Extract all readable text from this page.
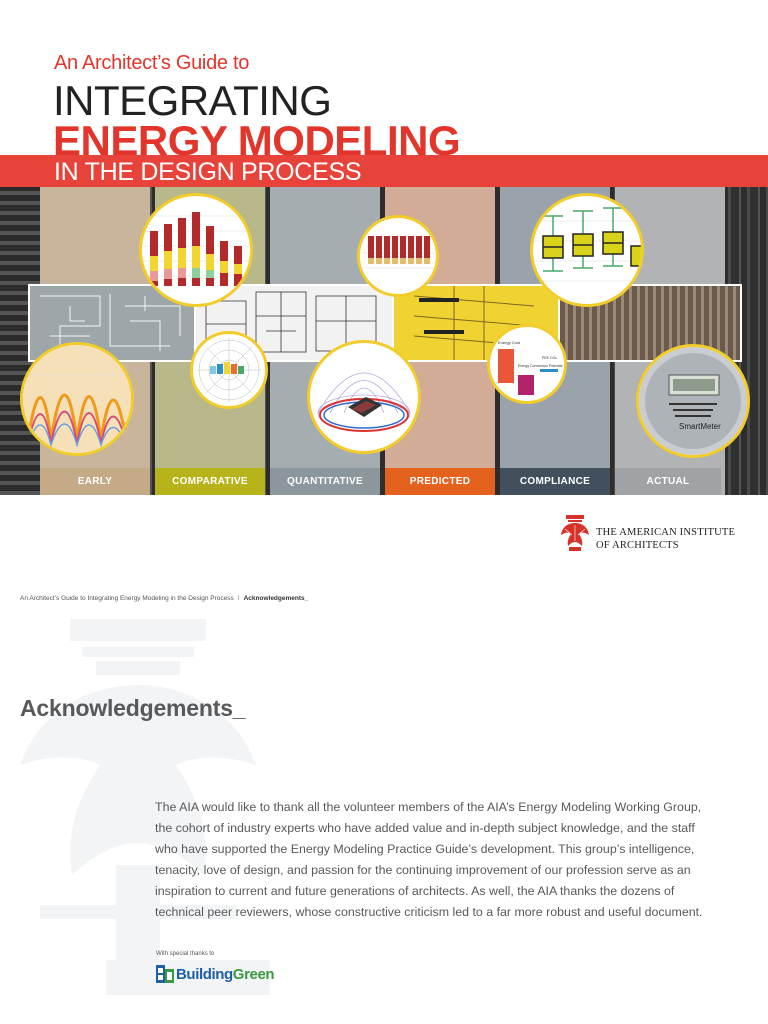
An Architect’s Guide to
INTEGRATING
ENERGY MODELING
IN THE DESIGN PROCESS
Energy Cost
Energy Conversion Potential
PEE COc
SmartMeter
EARLY	COMPARATIVE	QUANTITATIVE	PREDICTED	COMPLIANCE	ACTUAL
THE AMERICAN INSTITUTE
OF ARCHITECTS
An Architect’s Guide to Integrating Energy Modeling in the Design Process I Acknowledgements_
Acknowledgements_
The AIA would like to thank all the volunteer members of the AIA’s Energy Modeling Working Group, the cohort of industry experts who have added value and in-depth subject knowledge, and the staff who have supported the Energy Modeling Practice Guide’s development. This group’s intelligence, tenacity, love of design, and passion for the continuing improvement of our profession serve as an inspiration to current and future generations of architects. As well, the AIA thanks the dozens of technical peer reviewers, whose constructive criticism led to a far more robust and useful document.
With special thanks to
BuildingGreen
